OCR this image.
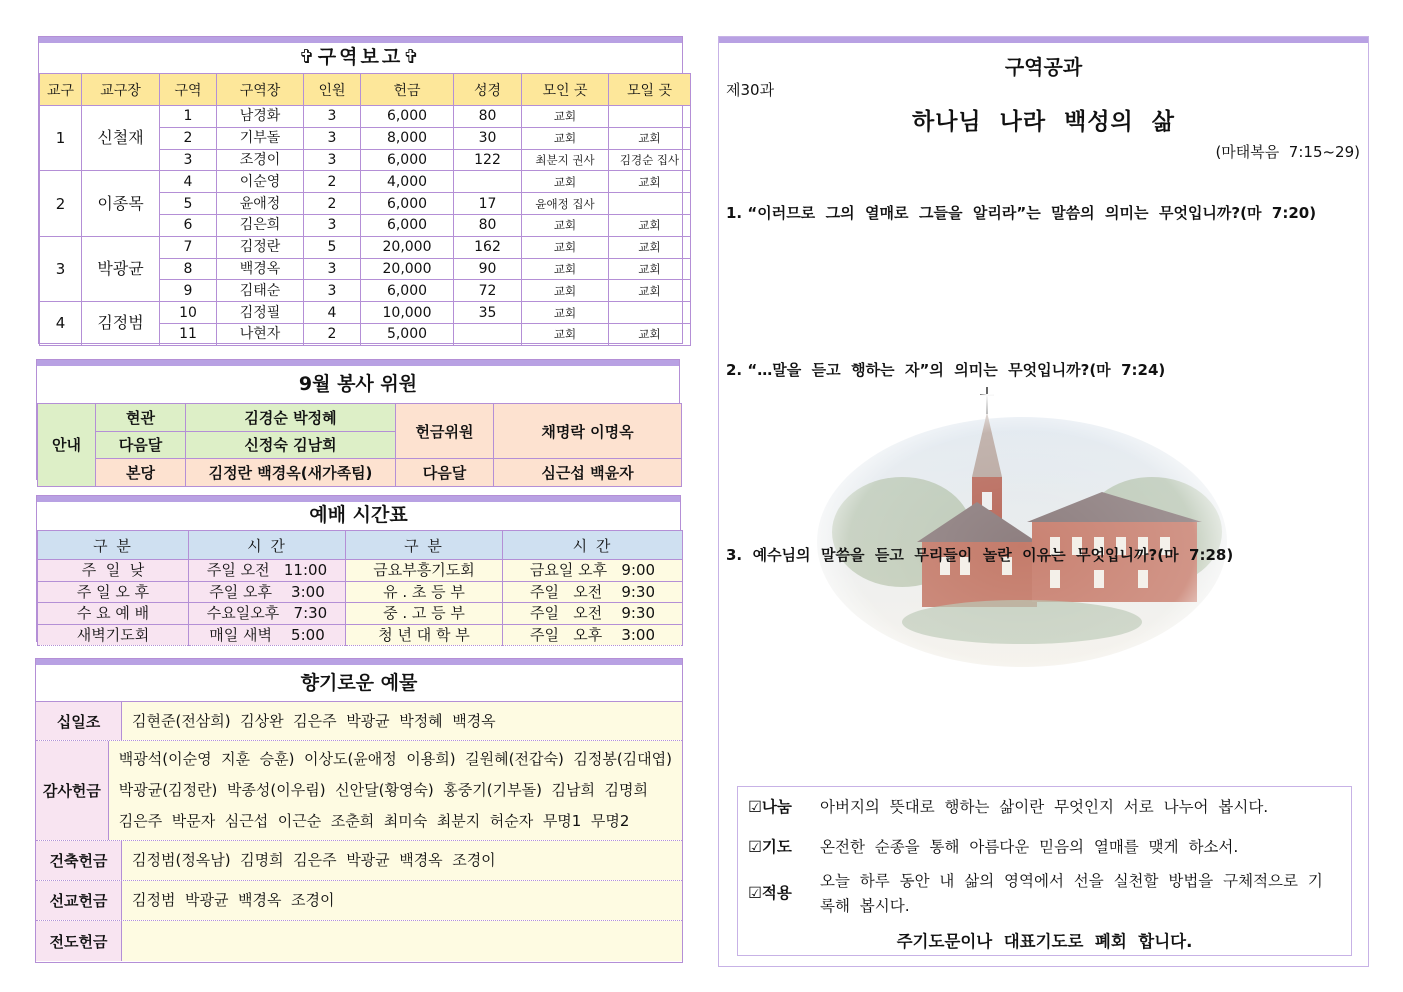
✞구역보고✞
교구	교구장	구역	구역장	인원	헌금	성경	모인 곳	모일 곳
1	신철재	1	남경화	3	6,000	80	교회	
		2	기부돌	3	8,000	30	교회	교회
		3	조경이	3	6,000	122	최분지 권사	김경순 집사
2	이종목	4	이순영	2	4,000		교회	교회
		5	윤애정	2	6,000	17	윤애정 집사	
		6	김은희	3	6,000	80	교회	교회
3	박광균	7	김정란	5	20,000	162	교회	교회
		8	백경옥	3	20,000	90	교회	교회
		9	김태순	3	6,000	72	교회	교회
4	김정범	10	김정필	4	10,000	35	교회	
		11	나현자	2	5,000		교회	교회
9월 봉사 위원
안내	현관	김경순 박정혜	헌금위원	채명락 이명옥
	다음달	신정숙 김남희		
	본당	김정란 백경옥(새가족팀)	다음달	심근섭 백윤자
예배 시간표
구 분	시 간	구 분	시 간
주  일  낮	주일 오전   11:00	금요부흥기도회	금요일 오후   9:00
주 일 오 후	주일 오후    3:00	유 . 초 등 부	주일   오전    9:30
수 요 예 배	수요일오후   7:30	중 . 고 등 부	주일   오전    9:30
새벽기도회	매일 새벽    5:00	청 년 대 학 부	주일   오후    3:00
향기로운 예물
십일조	김현준(전삼희)  김상완  김은주  박광균  박정혜  백경옥
감사헌금
백광석(이순영  지훈  승훈)  이상도(윤애정  이용희)  길원혜(전갑숙)  김정봉(김대엽)
박광균(김정란)  박종성(이우림)  신안달(황영숙)  홍중기(기부돌)  김남희  김명희
김은주  박문자  심근섭  이근순  조춘희  최미숙  최분지  허순자  무명1  무명2
건축헌금	김정범(정옥남)  김명희  김은주  박광균  백경옥  조경이
선교헌금	김정범  박광균  백경옥  조경이
전도헌금
구역공과
제30과
하나님  나라  백성의  삶
(마태복음  7:15~29)
1. “이러므로  그의  열매로  그들을  알리라”는  말씀의  의미는  무엇입니까?(마  7:20)
2. “…말을  듣고  행하는  자”의  의미는  무엇입니까?(마  7:24)
3.  예수님의  말씀을  듣고  무리들이  놀란  이유는  무엇입니까?(마  7:28)
☑나눔	아버지의  뜻대로  행하는  삶이란  무엇인지  서로  나누어  봅시다.
☑기도	온전한  순종을  통해  아름다운  믿음의  열매를  맺게  하소서.
☑적용
오늘  하루  동안  내  삶의  영역에서  선을  실천할  방법을  구체적으로  기록해  봅시다.
주기도문이나  대표기도로  폐회  합니다.
